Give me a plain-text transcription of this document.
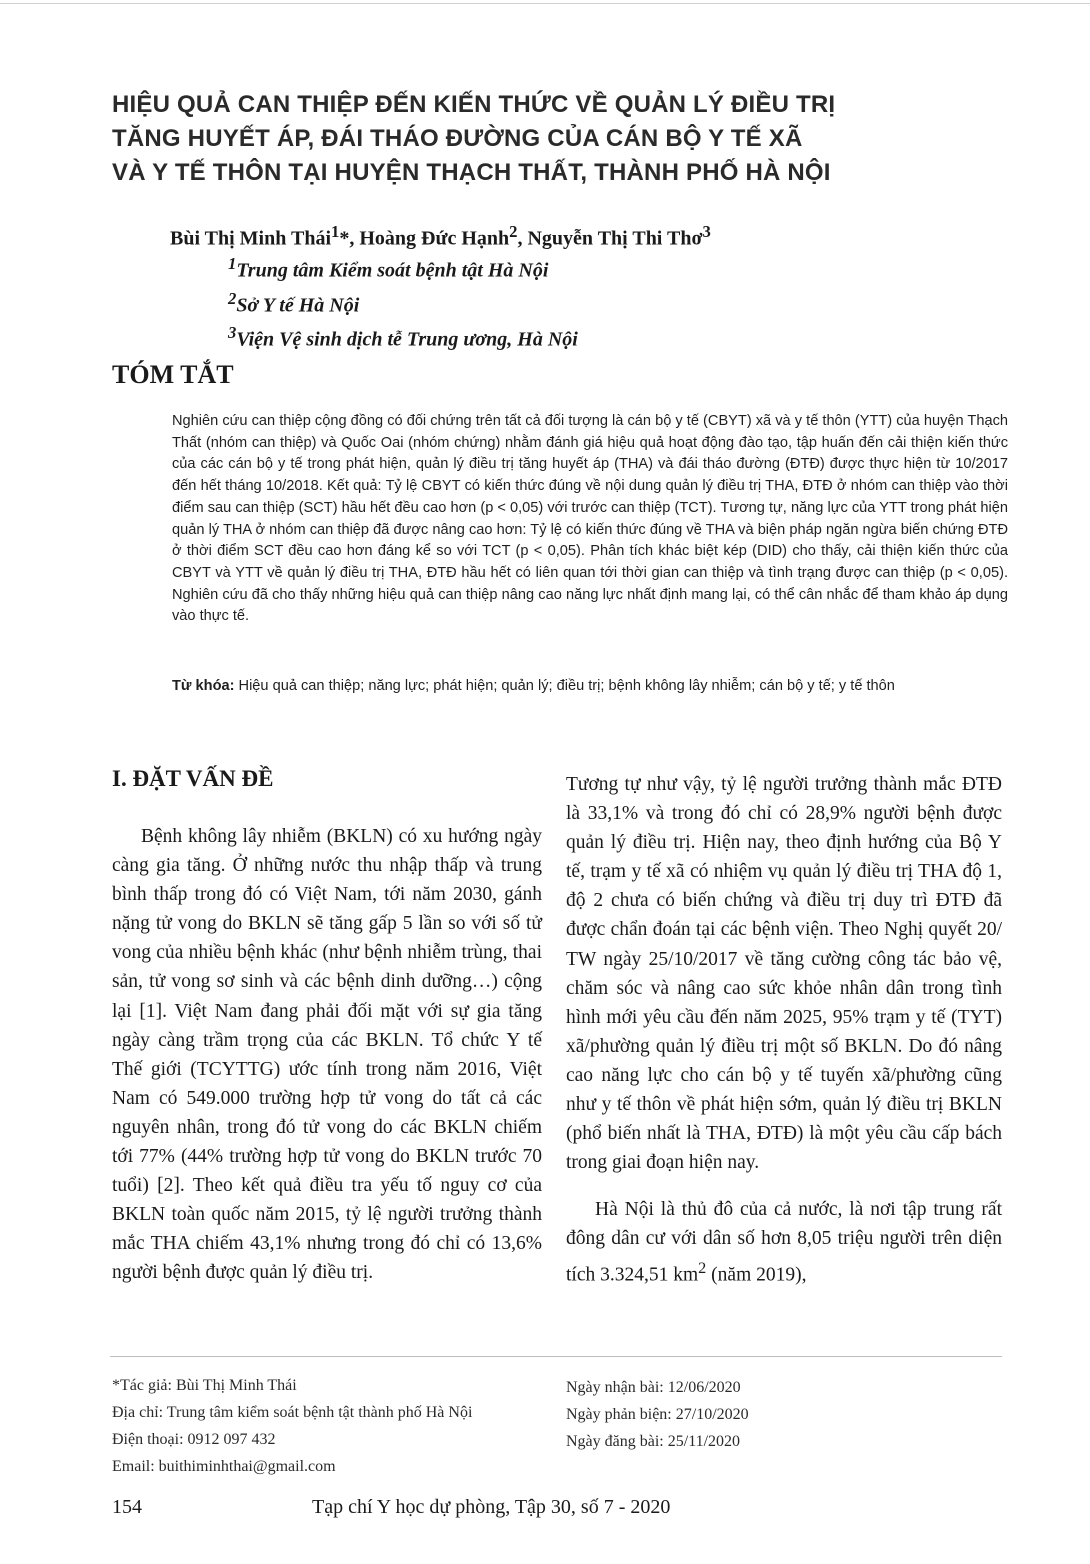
HIỆU QUẢ CAN THIỆP ĐẾN KIẾN THỨC VỀ QUẢN LÝ ĐIỀU TRỊ
TĂNG HUYẾT ÁP, ĐÁI THÁO ĐƯỜNG CỦA CÁN BỘ Y TẾ XÃ
VÀ Y TẾ THÔN TẠI HUYỆN THẠCH THẤT, THÀNH PHỐ HÀ NỘI
Bùi Thị Minh Thái$^1$*, Hoàng Đức Hạnh$^2$, Nguyễn Thị Thi Thơ$^3$
$^1$Trung tâm Kiểm soát bệnh tật Hà Nội
$^2$Sở Y tế Hà Nội
$^3$Viện Vệ sinh dịch tễ Trung ương, Hà Nội
TÓM TẮT
Nghiên cứu can thiệp cộng đồng có đối chứng trên tất cả đối tượng là cán bộ y tế (CBYT) xã và y tế thôn (YTT) của huyện Thạch Thất (nhóm can thiệp) và Quốc Oai (nhóm chứng) nhằm đánh giá hiệu quả hoạt động đào tạo, tập huấn đến cải thiện kiến thức của các cán bộ y tế trong phát hiện, quản lý điều trị tăng huyết áp (THA) và đái tháo đường (ĐTĐ) được thực hiện từ 10/2017 đến hết tháng 10/2018. Kết quả: Tỷ lệ CBYT có kiến thức đúng về nội dung quản lý điều trị THA, ĐTĐ ở nhóm can thiệp vào thời điểm sau can thiệp (SCT) hầu hết đều cao hơn (p < 0,05) với trước can thiệp (TCT). Tương tự, năng lực của YTT trong phát hiện quản lý THA ở nhóm can thiệp đã được nâng cao hơn: Tỷ lệ có kiến thức đúng về THA và biện pháp ngăn ngừa biến chứng ĐTĐ ở thời điểm SCT đều cao hơn đáng kể so với TCT (p < 0,05). Phân tích khác biệt kép (DID) cho thấy, cải thiện kiến thức của CBYT và YTT về quản lý điều trị THA, ĐTĐ hầu hết có liên quan tới thời gian can thiệp và tình trạng được can thiệp (p < 0,05). Nghiên cứu đã cho thấy những hiệu quả can thiệp nâng cao năng lực nhất định mang lại, có thể cân nhắc để tham khảo áp dụng vào thực tế.
Từ khóa: Hiệu quả can thiệp; năng lực; phát hiện; quản lý; điều trị; bệnh không lây nhiễm; cán bộ y tế; y tế thôn
I. ĐẶT VẤN ĐỀ

Bệnh không lây nhiễm (BKLN) có xu hướng ngày càng gia tăng. Ở những nước thu nhập thấp và trung bình thấp trong đó có Việt Nam, tới năm 2030, gánh nặng tử vong do BKLN sẽ tăng gấp 5 lần so với số tử vong của nhiều bệnh khác (như bệnh nhiễm trùng, thai sản, tử vong sơ sinh và các bệnh dinh dưỡng…) cộng lại [1]. Việt Nam đang phải đối mặt với sự gia tăng ngày càng trầm trọng của các BKLN. Tổ chức Y tế Thế giới (TCYTTG) ước tính trong năm 2016, Việt Nam có 549.000 trường hợp tử vong do tất cả các nguyên nhân, trong đó tử vong do các BKLN chiếm tới 77% (44% trường hợp tử vong do BKLN trước 70 tuổi) [2]. Theo kết quả điều tra yếu tố nguy cơ của BKLN toàn quốc năm 2015, tỷ lệ người trưởng thành mắc THA chiếm 43,1% nhưng trong đó chỉ có 13,6% người bệnh được quản lý điều trị.

Tương tự như vậy, tỷ lệ người trưởng thành mắc ĐTĐ là 33,1% và trong đó chỉ có 28,9% người bệnh được quản lý điều trị. Hiện nay, theo định hướng của Bộ Y tế, trạm y tế xã có nhiệm vụ quản lý điều trị THA độ 1, độ 2 chưa có biến chứng và điều trị duy trì ĐTĐ đã được chẩn đoán tại các bệnh viện. Theo Nghị quyết 20/ TW ngày 25/10/2017 về tăng cường công tác bảo vệ, chăm sóc và nâng cao sức khỏe nhân dân trong tình hình mới yêu cầu đến năm 2025, 95% trạm y tế (TYT) xã/phường quản lý điều trị một số BKLN. Do đó nâng cao năng lực cho cán bộ y tế tuyến xã/phường cũng như y tế thôn về phát hiện sớm, quản lý điều trị BKLN (phổ biến nhất là THA, ĐTĐ) là một yêu cầu cấp bách trong giai đoạn hiện nay.

Hà Nội là thủ đô của cả nước, là nơi tập trung rất đông dân cư với dân số hơn 8,05 triệu người trên diện tích 3.324,51 $km^2$ (năm 2019),

*Tác giả: Bùi Thị Minh Thái
Địa chỉ: Trung tâm kiểm soát bệnh tật thành phố Hà Nội
Điện thoại: 0912 097 432
Email: buithiminhthai@gmail.com
Ngày nhận bài: 12/06/2020
Ngày phản biện: 27/10/2020
Ngày đăng bài: 25/11/2020
154	Tạp chí Y học dự phòng, Tập 30, số 7 - 2020
